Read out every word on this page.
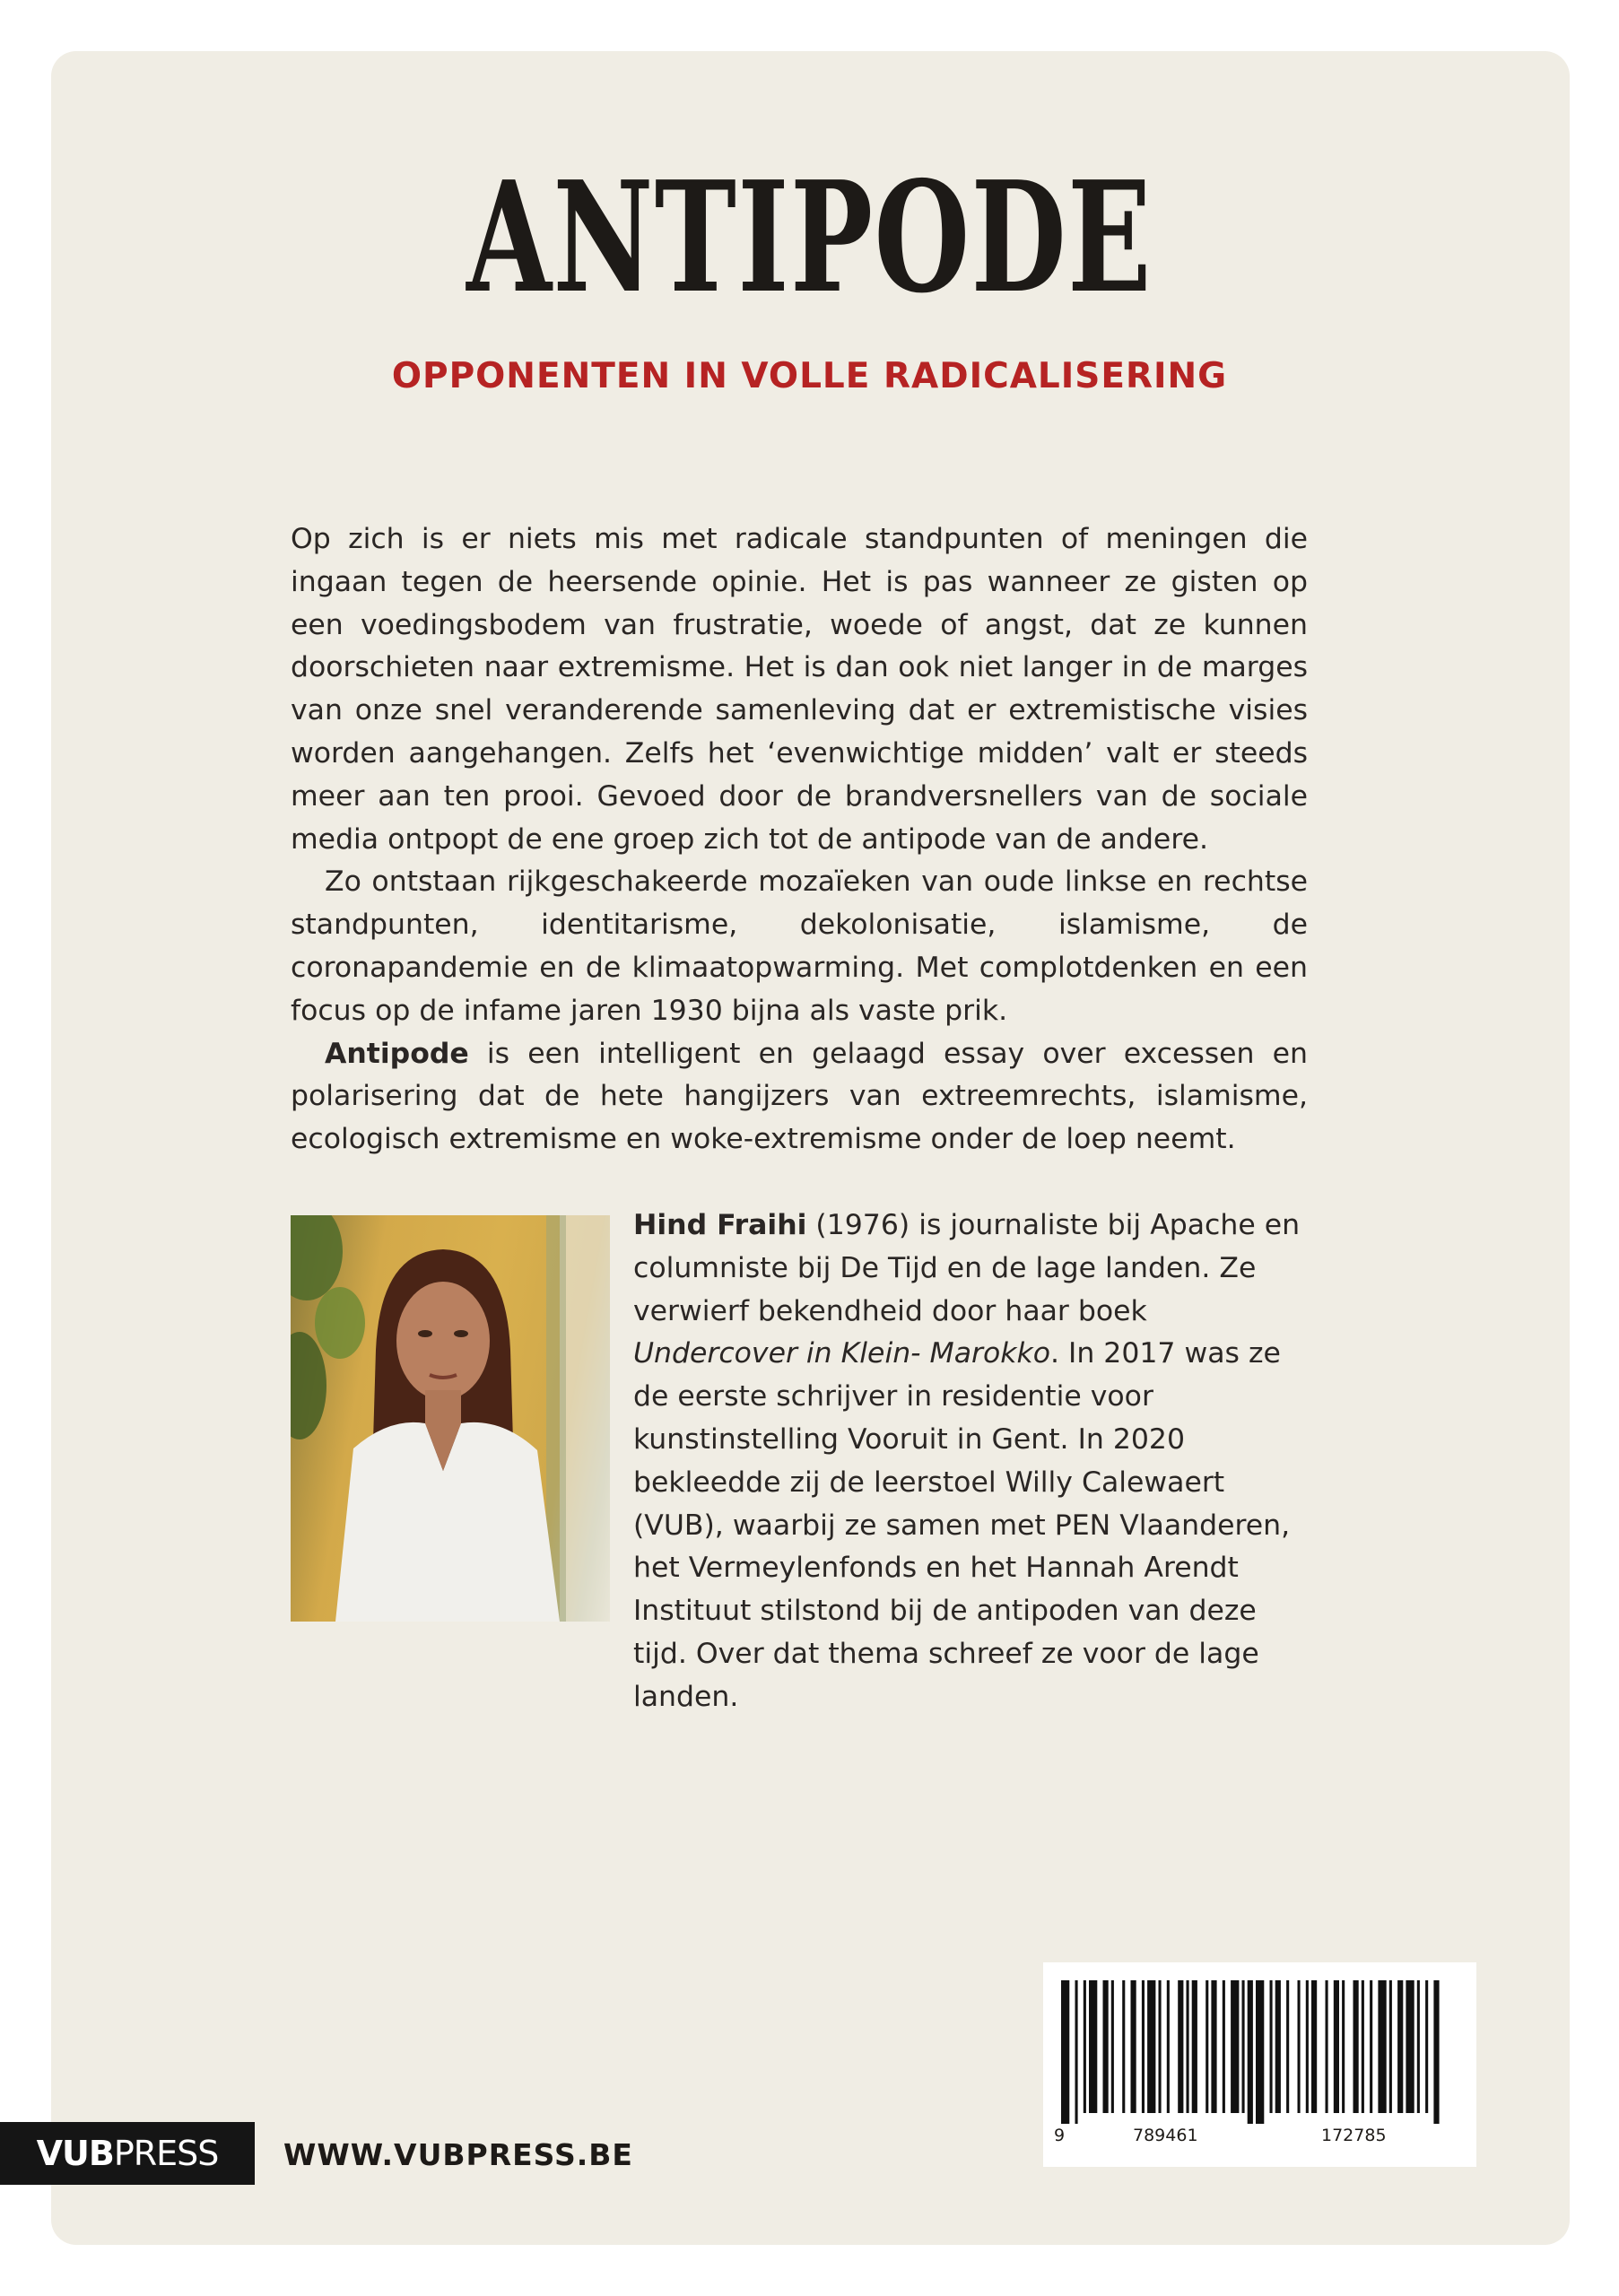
ANTIPODE
OPPONENTEN IN VOLLE RADICALISERING

Op zich is er niets mis met radicale standpunten of meningen die ingaan tegen de heersende opinie. Het is pas wanneer ze gisten op een voedingsbodem van frustratie, woede of angst, dat ze kunnen doorschieten naar extremisme. Het is dan ook niet langer in de marges van onze snel veranderende samenleving dat er extremistische visies worden aangehangen. Zelfs het ‘evenwichtige midden’ valt er steeds meer aan ten prooi. Gevoed door de brandversnellers van de sociale media ontpopt de ene groep zich tot de antipode van de andere.

Zo ontstaan rijkgeschakeerde mozaïeken van oude linkse en rechtse standpunten, identitarisme, dekolonisatie, islamisme, de coronapandemie en de klimaatopwarming. Met complotdenken en een focus op de infame jaren 1930 bijna als vaste prik.

Antipode is een intelligent en gelaagd essay over excessen en polarisering dat de hete hangijzers van extreemrechts, islamisme, ecologisch extremisme en woke-extremisme onder de loep neemt.

Hind Fraihi (1976) is journaliste bij Apache en columniste bij De Tijd en de lage landen. Ze verwierf bekendheid door haar boek Undercover in Klein- Marokko. In 2017 was ze de eerste schrijver in residentie voor kunstinstelling Vooruit in Gent. In 2020 bekleedde zij de leerstoel Willy Calewaert (VUB), waarbij ze samen met PEN Vlaanderen, het Vermeylenfonds en het Hannah Arendt Instituut stilstond bij de antipoden van deze tijd. Over dat thema schreef ze voor de lage landen.
9	789461	172785
VUB PRESS WWW.VUBPRESS.BE
